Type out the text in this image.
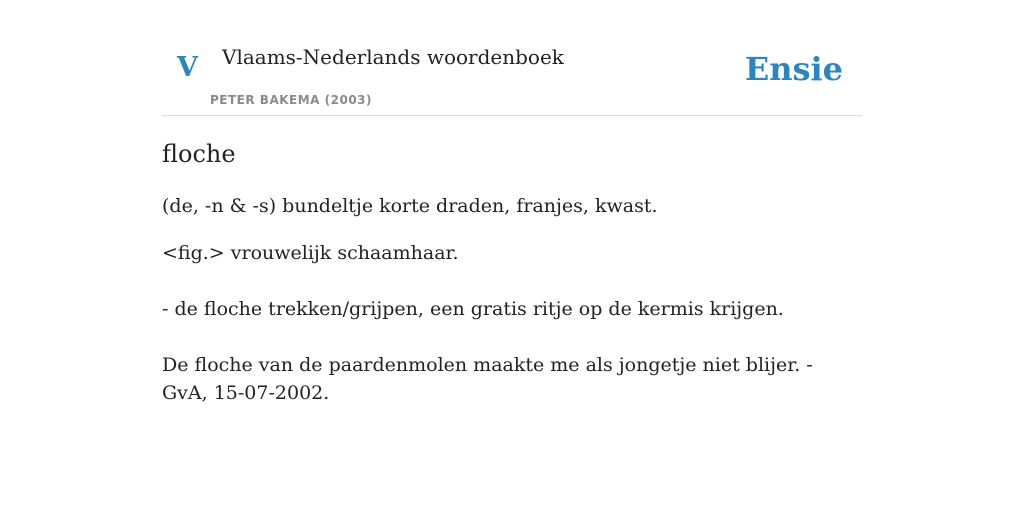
V Vlaams-Nederlands woordenboek
PETER BAKEMA (2003)
Ensie
floche
(de, -n & -s) bundeltje korte draden, franjes, kwast.
<fig.> vrouwelijk schaamhaar.
- de floche trekken/grijpen, een gratis ritje op de kermis krijgen.
De floche van de paardenmolen maakte me als jongetje niet blijer. - GvA, 15-07-2002.
